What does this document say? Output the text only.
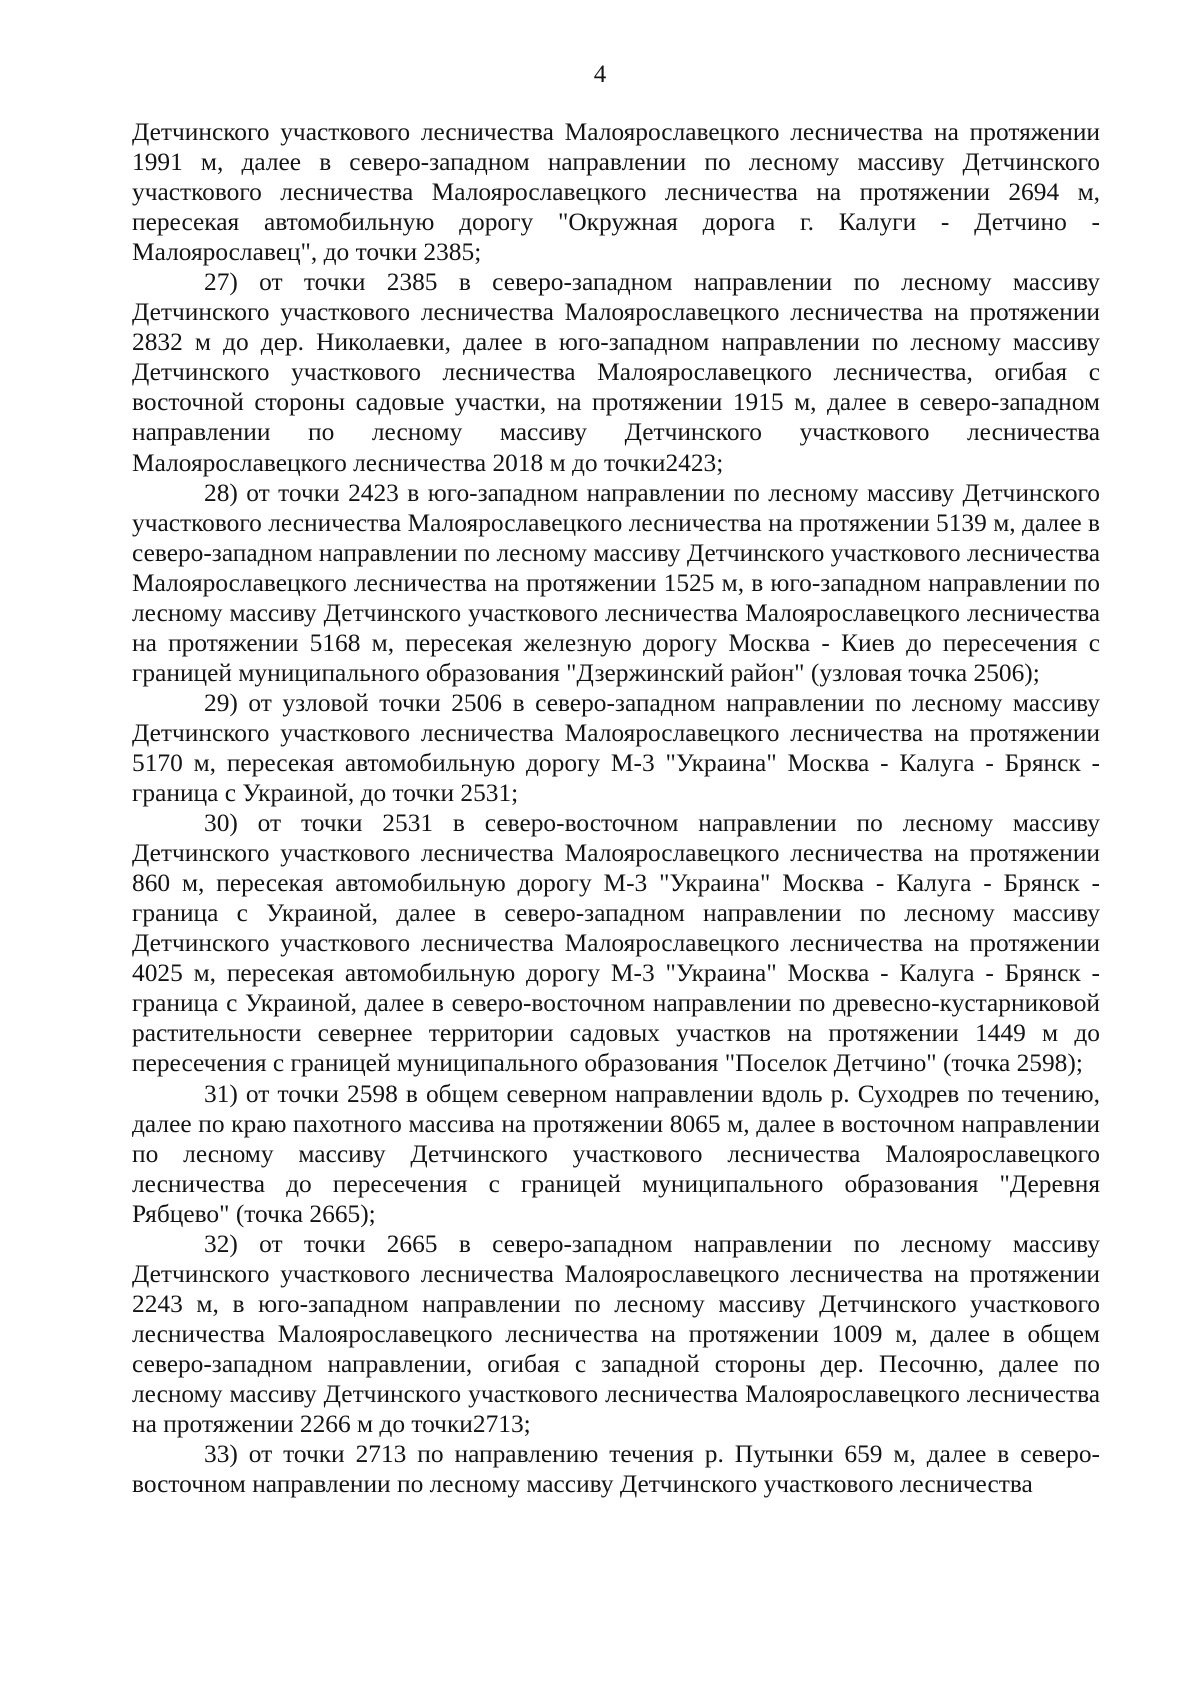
4

Детчинского участкового лесничества Малоярославецкого лесничества на протяжении 1991 м, далее в северо-западном направлении по лесному массиву Детчинского участкового лесничества Малоярославецкого лесничества на протяжении 2694 м, пересекая автомобильную дорогу "Окружная дорога г. Калуги - Детчино - Малоярославец", до точки 2385;

27) от точки 2385 в северо-западном направлении по лесному массиву Детчинского участкового лесничества Малоярославецкого лесничества на протяжении 2832 м до дер. Николаевки, далее в юго-западном направлении по лесному массиву Детчинского участкового лесничества Малоярославецкого лесничества, огибая с восточной стороны садовые участки, на протяжении 1915 м, далее в северо-западном направлении по лесному массиву Детчинского участкового лесничества Малоярославецкого лесничества 2018 м до точки2423;

28) от точки 2423 в юго-западном направлении по лесному массиву Детчинского участкового лесничества Малоярославецкого лесничества на протяжении 5139 м, далее в северо-западном направлении по лесному массиву Детчинского участкового лесничества Малоярославецкого лесничества на протяжении 1525 м, в юго-западном направлении по лесному массиву Детчинского участкового лесничества Малоярославецкого лесничества на протяжении 5168 м, пересекая железную дорогу Москва - Киев до пересечения с границей муниципального образования "Дзержинский район" (узловая точка 2506);

29) от узловой точки 2506 в северо-западном направлении по лесному массиву Детчинского участкового лесничества Малоярославецкого лесничества на протяжении 5170 м, пересекая автомобильную дорогу М-3 "Украина" Москва - Калуга - Брянск - граница с Украиной, до точки 2531;

30) от точки 2531 в северо-восточном направлении по лесному массиву Детчинского участкового лесничества Малоярославецкого лесничества на протяжении 860 м, пересекая автомобильную дорогу М-3 "Украина" Москва - Калуга - Брянск - граница с Украиной, далее в северо-западном направлении по лесному массиву Детчинского участкового лесничества Малоярославецкого лесничества на протяжении 4025 м, пересекая автомобильную дорогу М-3 "Украина" Москва - Калуга - Брянск - граница с Украиной, далее в северо-восточном направлении по древесно-кустарниковой растительности севернее территории садовых участков на протяжении 1449 м до пересечения с границей муниципального образования "Поселок Детчино" (точка 2598);

31) от точки 2598 в общем северном направлении вдоль р. Суходрев по течению, далее по краю пахотного массива на протяжении 8065 м, далее в восточном направлении по лесному массиву Детчинского участкового лесничества Малоярославецкого лесничества до пересечения с границей муниципального образования "Деревня Рябцево" (точка 2665);

32) от точки 2665 в северо-западном направлении по лесному массиву Детчинского участкового лесничества Малоярославецкого лесничества на протяжении 2243 м, в юго-западном направлении по лесному массиву Детчинского участкового лесничества Малоярославецкого лесничества на протяжении 1009 м, далее в общем северо-западном направлении, огибая с западной стороны дер. Песочню, далее по лесному массиву Детчинского участкового лесничества Малоярославецкого лесничества на протяжении 2266 м до точки2713;

33) от точки 2713 по направлению течения р. Путынки 659 м, далее в северо-восточном направлении по лесному массиву Детчинского участкового лесничества
